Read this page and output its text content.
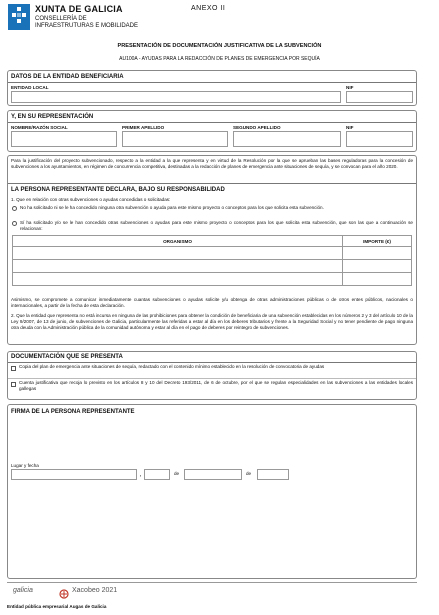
XUNTA DE GALICIA
CONSELLERÍA DE
INFRAESTRUTURAS E MOBILIDADE
ANEXO II
PRESENTACIÓN DE DOCUMENTACIÓN JUSTIFICATIVA DE LA SUBVENCIÓN
AU100A - AYUDAS PARA LA REDACCIÓN DE PLANES DE EMERGENCIA POR SEQUÍA
DATOS DE LA ENTIDAD BENEFICIARIA
ENTIDAD LOCAL	NIF
Y, EN SU REPRESENTACIÓN
NOMBRE/RAZÓN SOCIAL	PRIMER APELLIDO	SEGUNDO APELLIDO	NIF
Para la justificación del proyecto subvencionado, respecto a la entidad a la que representa y en virtud de la Resolución por la que se aprueban las bases reguladoras para la concesión de subvenciones a los ayuntamientos, en régimen de concurrencia competitiva, destinadas a la redacción de planes de emergencia ante situaciones de sequía, y se convocan para el año 2020.
LA PERSONA REPRESENTANTE DECLARA, BAJO SU RESPONSABILIDAD
1. Que en relación con otras subvenciones o ayudas concedidas o solicitadas:
No ha solicitado ni se le ha concedido ninguna otra subvención o ayuda para este mismo proyecto o conceptos para los que solicita esta subvención.
Sí ha solicitado y/o se le han concedido otras subvenciones o ayudas para este mismo proyecto o conceptos para los que solicita esta subvención, que son las que a continuación se relacionan:
ORGANISMO	IMPORTE (€)

Asimismo, se compromete a comunicar inmediatamente cuantas subvenciones o ayudas solicite y/u obtenga de otras administraciones públicas o de otros entes públicos, nacionales o internacionales, a partir de la fecha de esta declaración.
2. Que la entidad que representa no está incursa en ninguna de las prohibiciones para obtener la condición de beneficiaria de una subvención establecidas en los números 2 y 3 del artículo 10 de la Ley 9/2007, de 13 de junio, de subvenciones de Galicia, particularmente las referidas a estar al día en los deberes tributarios y frente a la Seguridad Social y no tener pendiente de pago ninguna otra deuda con la Administración pública de la comunidad autónoma y estar al día en el pago de deberes por reintegro de subvenciones.
DOCUMENTACIÓN QUE SE PRESENTA
Copia del plan de emergencia ante situaciones de sequía, redactado con el contenido mínimo establecido en la resolución de convocatoria de ayudas
Cuenta justificativa que recoja lo previsto en los artículos 8 y 10 del Decreto 193/2011, de 6 de octubre, por el que se regulan especialidades en las subvenciones a las entidades locales gallegas
FIRMA DE LA PERSONA REPRESENTANTE
Lugar y fecha
,	de	de
galicia	Xacobeo 2021
Entidad pública empresarial Augas de Galicia
